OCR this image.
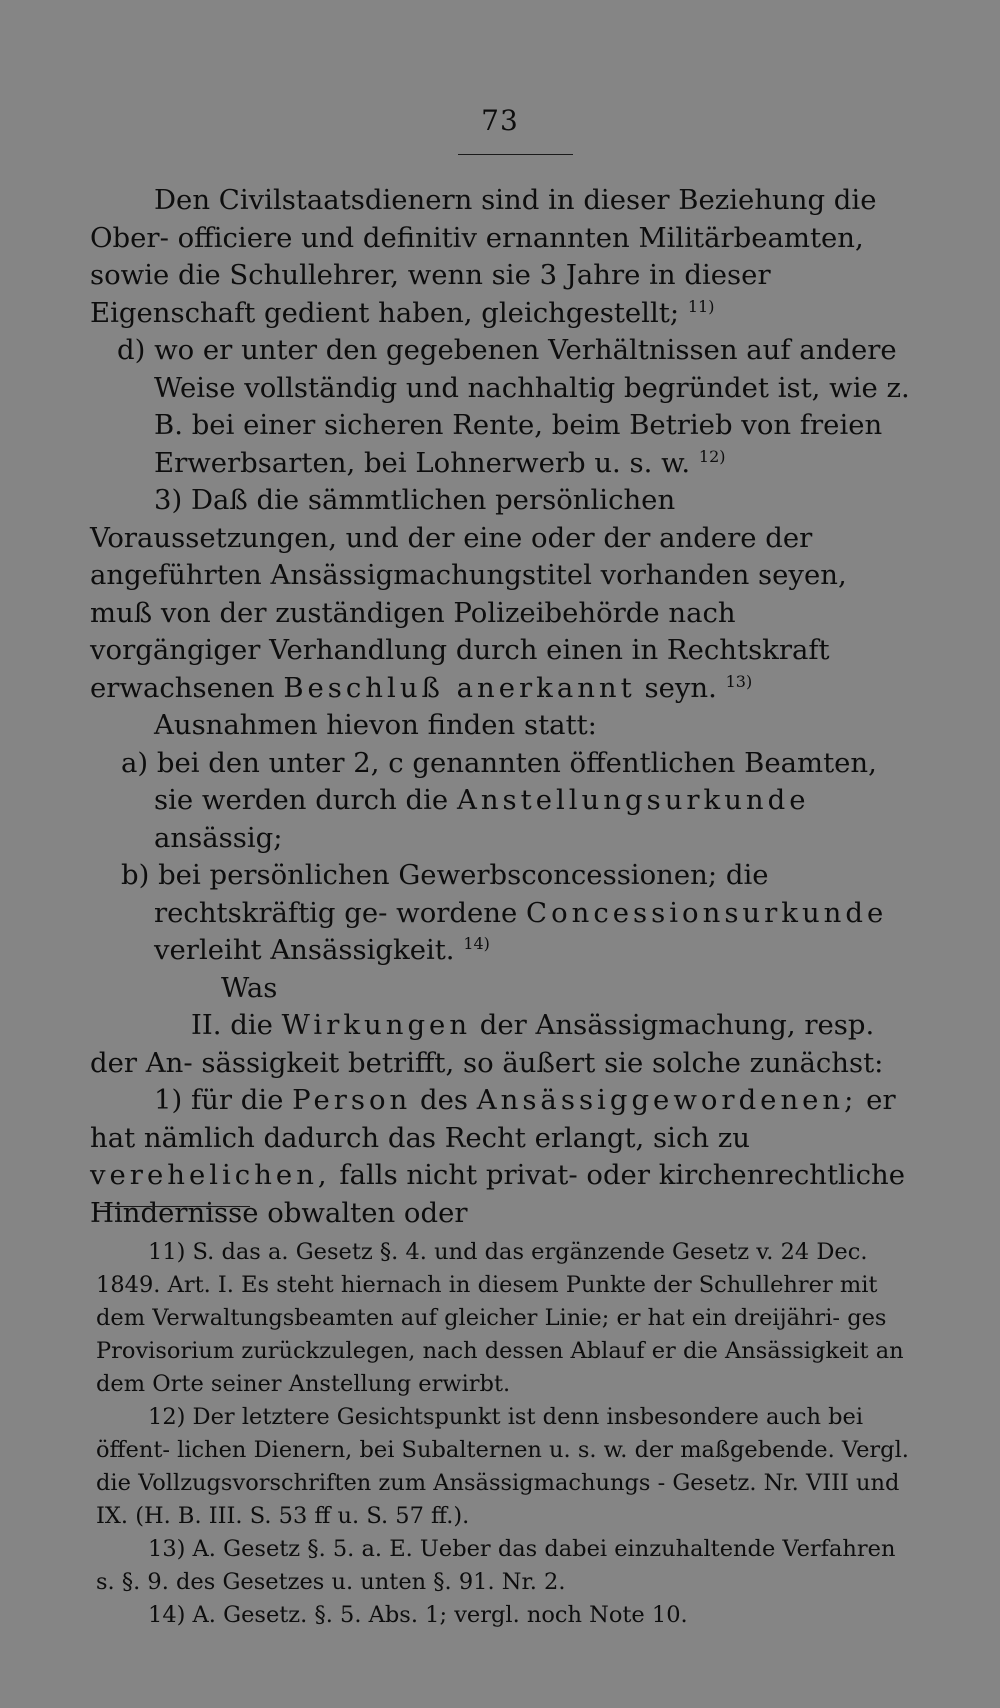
73

Den Civilstaatsdienern sind in dieser Beziehung die Ober- officiere und definitiv ernannten Militärbeamten, sowie die Schullehrer, wenn sie 3 Jahre in dieser Eigenschaft gedient haben, gleichgestellt; $^{11)}$

d) wo er unter den gegebenen Verhältnissen auf andere Weise vollständig und nachhaltig begründet ist, wie z. B. bei einer sicheren Rente, beim Betrieb von freien Erwerbsarten, bei Lohnerwerb u. s. w. $^{12)}$

3) Daß die sämmtlichen persönlichen Voraussetzungen, und der eine oder der andere der angeführten Ansässigmachungstitel vorhanden seyen, muß von der zuständigen Polizeibehörde nach vorgängiger Verhandlung durch einen in Rechtskraft erwachsenen Beschluß anerkannt seyn. $^{13)}$

Ausnahmen hievon finden statt:

a) bei den unter 2, c genannten öffentlichen Beamten, sie werden durch die Anstellungsurkunde ansässig;

b) bei persönlichen Gewerbsconcessionen; die rechtskräftig ge- wordene Concessionsurkunde verleiht Ansässigkeit. $^{14)}$

Was

II. die Wirkungen der Ansässigmachung, resp. der An- sässigkeit betrifft, so äußert sie solche zunächst:

1) für die Person des Ansässiggewordenen; er hat nämlich dadurch das Recht erlangt, sich zu verehelichen, falls nicht privat- oder kirchenrechtliche Hindernisse obwalten oder

11) S. das a. Gesetz §. 4. und das ergänzende Gesetz v. 24 Dec. 1849. Art. I. Es steht hiernach in diesem Punkte der Schullehrer mit dem Verwaltungsbeamten auf gleicher Linie; er hat ein dreijähri- ges Provisorium zurückzulegen, nach dessen Ablauf er die Ansässigkeit an dem Orte seiner Anstellung erwirbt.

12) Der letztere Gesichtspunkt ist denn insbesondere auch bei öffent- lichen Dienern, bei Subalternen u. s. w. der maßgebende. Vergl. die Vollzugsvorschriften zum Ansässigmachungs - Gesetz. Nr. VIII und IX. (H. B. III. S. 53 ff u. S. 57 ff.).

13) A. Gesetz §. 5. a. E. Ueber das dabei einzuhaltende Verfahren s. §. 9. des Gesetzes u. unten §. 91. Nr. 2.

14) A. Gesetz. §. 5. Abs. 1; vergl. noch Note 10.
